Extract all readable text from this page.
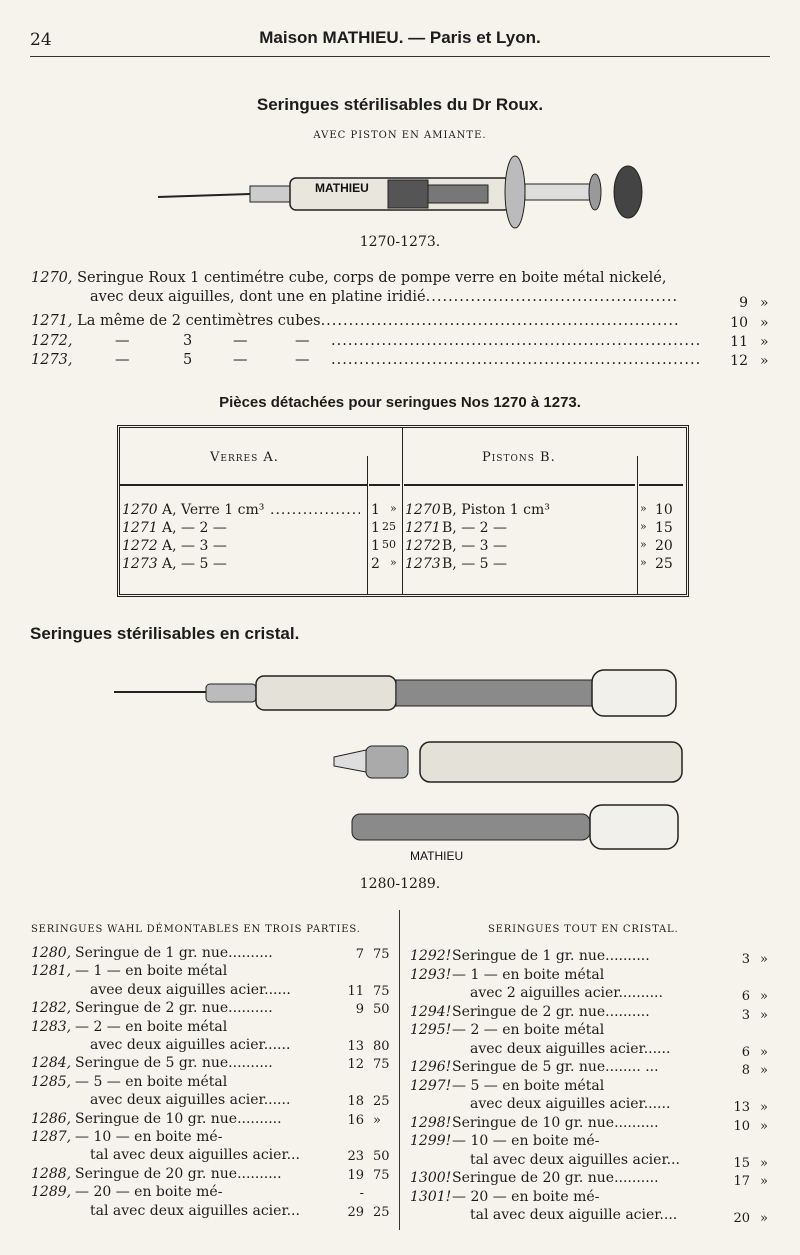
24	Maison MATHIEU. — Paris et Lyon.
Seringues stérilisables du Dr Roux.
AVEC PISTON EN AMIANTE.
MATHIEU
1270-1273.
1270, Seringue Roux 1 centimétre cube, corps de pompe verre en boite métal nickelé,
avec deux aiguilles, dont une en platine iridié .....	9 »
1271, La même de 2 centimètres cubes .....	10 »
1272,	—	3	—	— .....	11 »
1273,	—	5	—	— .....	12 »
Pièces détachées pour seringues Nos 1270 à 1273.
Verres A.	Pistons B.
1270 A, Verre 1 cm³ .....	1 » 1270 B, Piston 1 cm³	» 10
1271 A, — 2 —	1 25 1271 B, — 2 —	» 15
1272 A, — 3 —	1 50 1272 B, — 3 —	» 20
1273 A, — 5 —	2 » 1273 B, — 5 —	» 25
Seringues stérilisables en cristal.
MATHIEU
1280-1289.
SERINGUES WAHL DÉMONTABLES EN TROIS PARTIES.	SERINGUES TOUT EN CRISTAL.
1280, Seringue de 1 gr. nue..........	7 75
1281, — 1 — en boite métal
avee deux aiguilles acier......	11 75
1282, Seringue de 2 gr. nue..........	9 50
1283, — 2 — en boite métal
avec deux aiguilles acier......	13 80
1284, Seringue de 5 gr. nue..........	12 75
1285, — 5 — en boite métal
avec deux aiguilles acier......	18 25
1286, Seringue de 10 gr. nue..........	16 »
1287, — 10 — en boite mé-
tal avec deux aiguilles acier...	23 50
1288, Seringue de 20 gr. nue..........	19 75
1289, — 20 — en boite mé-	-
tal avec deux aiguilles acier...	29 25
1292! Seringue de 1 gr. nue..........	3 »
1293! — 1 — en boite métal
avec 2 aiguilles acier..........	6 »
1294! Seringue de 2 gr. nue..........	3 »
1295! — 2 — en boite métal
avec deux aiguilles acier......	6 »
1296! Seringue de 5 gr. nue........ ...	8 »
1297! — 5 — en boite métal
avec deux aiguilles acier......	13 »
1298! Seringue de 10 gr. nue..........	10 »
1299! — 10 — en boite mé-
tal avec deux aiguilles acier...	15 »
1300! Seringue de 20 gr. nue..........	17 »
1301! — 20 — en boite mé-
tal avec deux aiguille acier....	20 »
